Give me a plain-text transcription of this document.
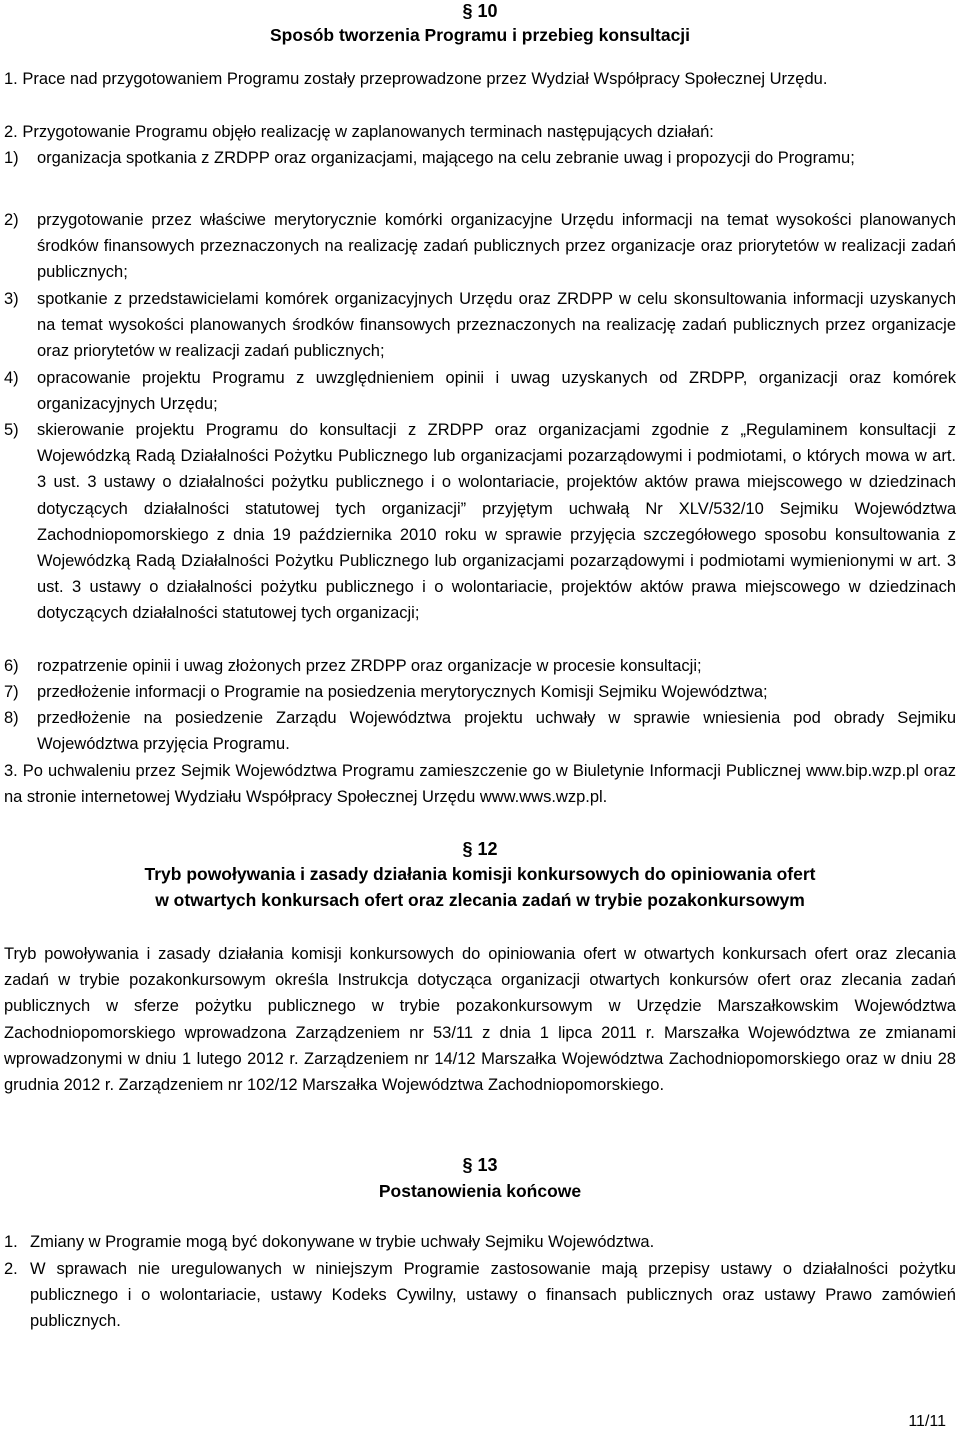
§ 10
Sposób tworzenia Programu i przebieg konsultacji
1. Prace nad przygotowaniem Programu zostały przeprowadzone przez Wydział Współpracy Społecznej Urzędu.
2. Przygotowanie Programu objęło realizację w zaplanowanych terminach następujących działań:
1) organizacja spotkania z ZRDPP oraz organizacjami, mającego na celu zebranie uwag i propozycji do Programu;
2) przygotowanie przez właściwe merytorycznie komórki organizacyjne Urzędu informacji na temat wysokości planowanych środków finansowych przeznaczonych na realizację zadań publicznych przez organizacje oraz priorytetów w realizacji zadań publicznych;
3) spotkanie z przedstawicielami komórek organizacyjnych Urzędu oraz ZRDPP w celu skonsultowania informacji uzyskanych na temat wysokości planowanych środków finansowych przeznaczonych na realizację zadań publicznych przez organizacje oraz priorytetów w realizacji zadań publicznych;
4) opracowanie projektu Programu z uwzględnieniem opinii i uwag uzyskanych od ZRDPP, organizacji oraz komórek organizacyjnych Urzędu;
5) skierowanie projektu Programu do konsultacji z ZRDPP oraz organizacjami zgodnie z „Regulaminem konsultacji z Wojewódzką Radą Działalności Pożytku Publicznego lub organizacjami pozarządowymi i podmiotami, o których mowa w art. 3 ust. 3 ustawy o działalności pożytku publicznego i o wolontariacie, projektów aktów prawa miejscowego w dziedzinach dotyczących działalności statutowej tych organizacji” przyjętym uchwałą Nr XLV/532/10 Sejmiku Województwa Zachodniopomorskiego z dnia 19 października 2010 roku w sprawie przyjęcia szczegółowego sposobu konsultowania z Wojewódzką Radą Działalności Pożytku Publicznego lub organizacjami pozarządowymi i podmiotami wymienionymi w art. 3 ust. 3 ustawy o działalności pożytku publicznego i o wolontariacie, projektów aktów prawa miejscowego w dziedzinach dotyczących działalności statutowej tych organizacji;
6) rozpatrzenie opinii i uwag złożonych przez ZRDPP oraz organizacje w procesie konsultacji;
7) przedłożenie informacji o Programie na posiedzenia merytorycznych Komisji Sejmiku Województwa;
8) przedłożenie na posiedzenie Zarządu Województwa projektu uchwały w sprawie wniesienia pod obrady Sejmiku Województwa przyjęcia Programu.
3. Po uchwaleniu przez Sejmik Województwa Programu zamieszczenie go w Biuletynie Informacji Publicznej www.bip.wzp.pl oraz na stronie internetowej Wydziału Współpracy Społecznej Urzędu www.wws.wzp.pl.
§ 12
Tryb powoływania i zasady działania komisji konkursowych do opiniowania ofert
w otwartych konkursach ofert oraz zlecania zadań w trybie pozakonkursowym
Tryb powoływania i zasady działania komisji konkursowych do opiniowania ofert w otwartych konkursach ofert oraz zlecania zadań w trybie pozakonkursowym określa Instrukcja dotycząca organizacji otwartych konkursów ofert oraz zlecania zadań publicznych w sferze pożytku publicznego w trybie pozakonkursowym w Urzędzie Marszałkowskim Województwa Zachodniopomorskiego wprowadzona Zarządzeniem nr 53/11 z dnia 1 lipca 2011 r. Marszałka Województwa ze zmianami wprowadzonymi w dniu 1 lutego 2012 r. Zarządzeniem nr 14/12 Marszałka Województwa Zachodniopomorskiego oraz w dniu 28 grudnia 2012 r. Zarządzeniem nr 102/12 Marszałka Województwa Zachodniopomorskiego.
§ 13
Postanowienia końcowe
1. Zmiany w Programie mogą być dokonywane w trybie uchwały Sejmiku Województwa.
2. W sprawach nie uregulowanych w niniejszym Programie zastosowanie mają przepisy ustawy o działalności pożytku publicznego i o wolontariacie, ustawy Kodeks Cywilny, ustawy o finansach publicznych oraz ustawy Prawo zamówień publicznych.
11/11
